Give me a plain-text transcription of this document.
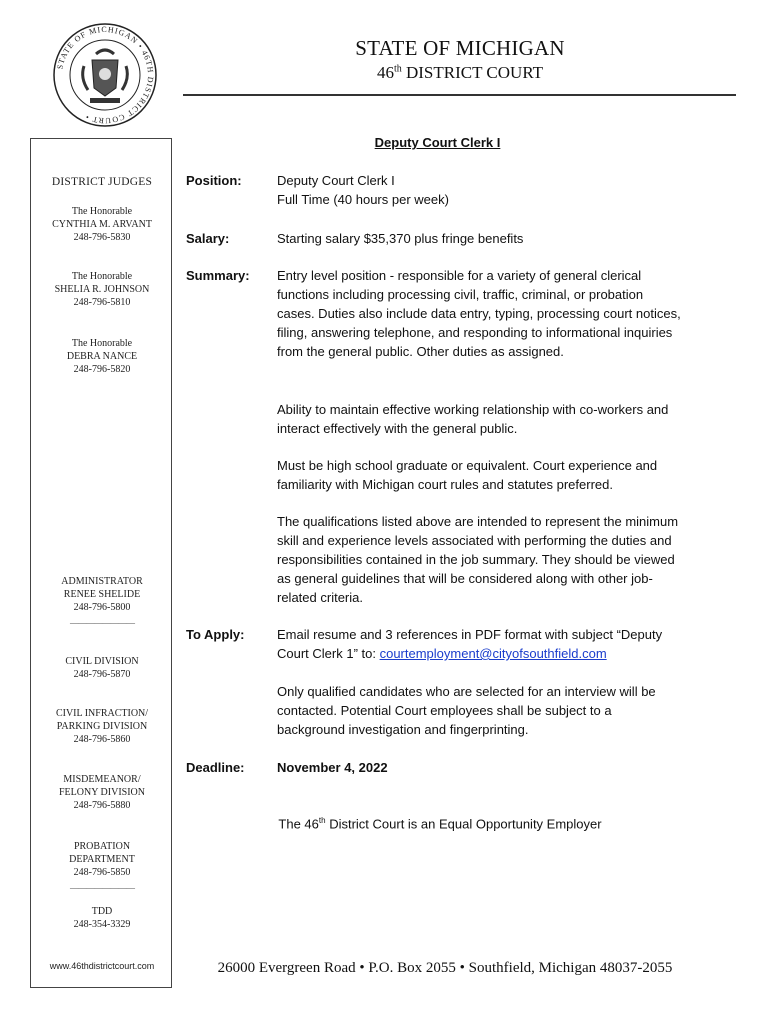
STATE OF MICHIGAN • 46TH DISTRICT COURT •
STATE OF MICHIGAN
46th DISTRICT COURT
DISTRICT JUDGES
The Honorable
CYNTHIA M. ARVANT
248-796-5830
The Honorable
SHELIA R. JOHNSON
248-796-5810
The Honorable
DEBRA NANCE
248-796-5820
ADMINISTRATOR
RENEE SHELIDE
248-796-5800
————————
CIVIL DIVISION
248-796-5870
CIVIL INFRACTION/
PARKING DIVISION
248-796-5860
MISDEMEANOR/
FELONY DIVISION
248-796-5880
PROBATION
DEPARTMENT
248-796-5850
————————
TDD
248-354-3329
www.46thdistrictcourt.com
Deputy Court Clerk I
Position:	Deputy Court Clerk I
Full Time (40 hours per week)
Salary:	Starting salary $35,370 plus fringe benefits
Summary: Entry level position - responsible for a variety of general clerical functions including processing civil, traffic, criminal, or probation cases. Duties also include data entry, typing, processing court notices, filing, answering telephone, and responding to informational inquiries from the general public. Other duties as assigned.
Ability to maintain effective working relationship with co-workers and interact effectively with the general public.
Must be high school graduate or equivalent. Court experience and familiarity with Michigan court rules and statutes preferred.
The qualifications listed above are intended to represent the minimum skill and experience levels associated with performing the duties and responsibilities contained in the job summary. They should be viewed as general guidelines that will be considered along with other job-related criteria.
To Apply:	Email resume and 3 references in PDF format with subject “Deputy Court Clerk 1” to: courtemployment@cityofsouthfield.com
Only qualified candidates who are selected for an interview will be contacted. Potential Court employees shall be subject to a background investigation and fingerprinting.
Deadline: November 4, 2022
The 46th District Court is an Equal Opportunity Employer
26000 Evergreen Road • P.O. Box 2055 • Southfield, Michigan 48037-2055
